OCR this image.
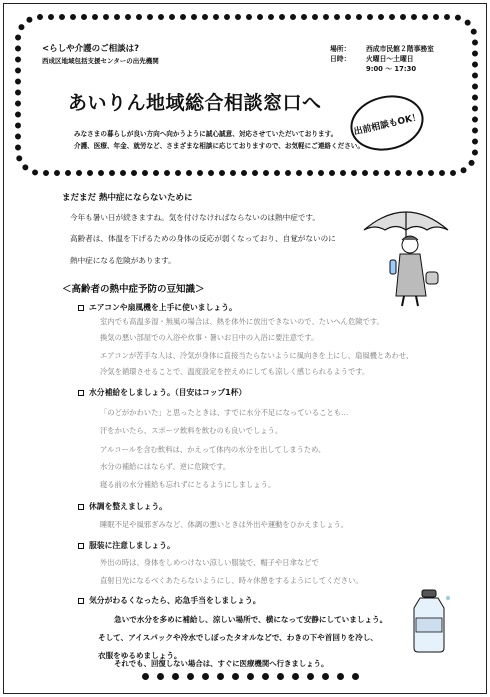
<らしや介護のご相談は?
西成区地域包括支援センターの出先機関
場所： 西成市民館２階事務室
日時： 火曜日～土曜日
9:00 ～ 17:30
あいりん地域総合相談窓口へ
出前相談もOK！
みなさまの暮らしが良い方向へ向かうように誠心誠意、対応させていただいております。
介護、医療、年金、就労など、さまざまな相談に応じておりますので、お気軽にご連絡ください。
まだまだ 熱中症にならないために
今年も暑い日が続きますね。気を付けなければならないのは熱中症です。
高齢者は、体温を下げるための身体の反応が弱くなっており、自覚がないのに
熱中症になる危険があります。
＜高齢者の熱中症予防の豆知識＞
エアコンや扇風機を上手に使いましょう。
室内でも高温多湿・無風の場合は、熱を体外に放出できないので、たいへん危険です。
換気の悪い部屋での入浴や炊事・暑いお日中の入浴に要注意です。
エアコンが苦手な人は、冷気が身体に直接当たらないように風向きを上にし、扇風機とあわせ、
冷気を循環させることで、温度設定を控えめにしても涼しく感じられるようです。
水分補給をしましょう。（目安はコップ1杯）
「のどがかわいた」と思ったときは、すでに水分不足になっていることも…
汗をかいたら、スポーツ飲料を飲むのも良いでしょう。
アルコールを含む飲料は、かえって体内の水分を出してしまうため、
水分の補給にはならず、逆に危険です。
寝る前の水分補給も忘れずにとるようにしましょう。
休調を整えましょう。
睡眠不足や風邪ぎみなど、体調の悪いときは外出や運動をひかえましょう。
服装に注意しましょう。
外出の時は、身体をしめつけない涼しい服装で、帽子や日傘などで
直射日光になるべくあたらないようにし、時々休憩をするようにしてください。
気分がわるくなったら、応急手当をしましょう。
急いで水分を多めに補給し、涼しい場所で、横になって安静にしていましょう。
そして、アイスパックや冷水でしぼったタオルなどで、わきの下や首回りを冷し、
衣服をゆるめましょう。
それでも、回復しない場合は、すぐに医療機関へ行きましょう。
